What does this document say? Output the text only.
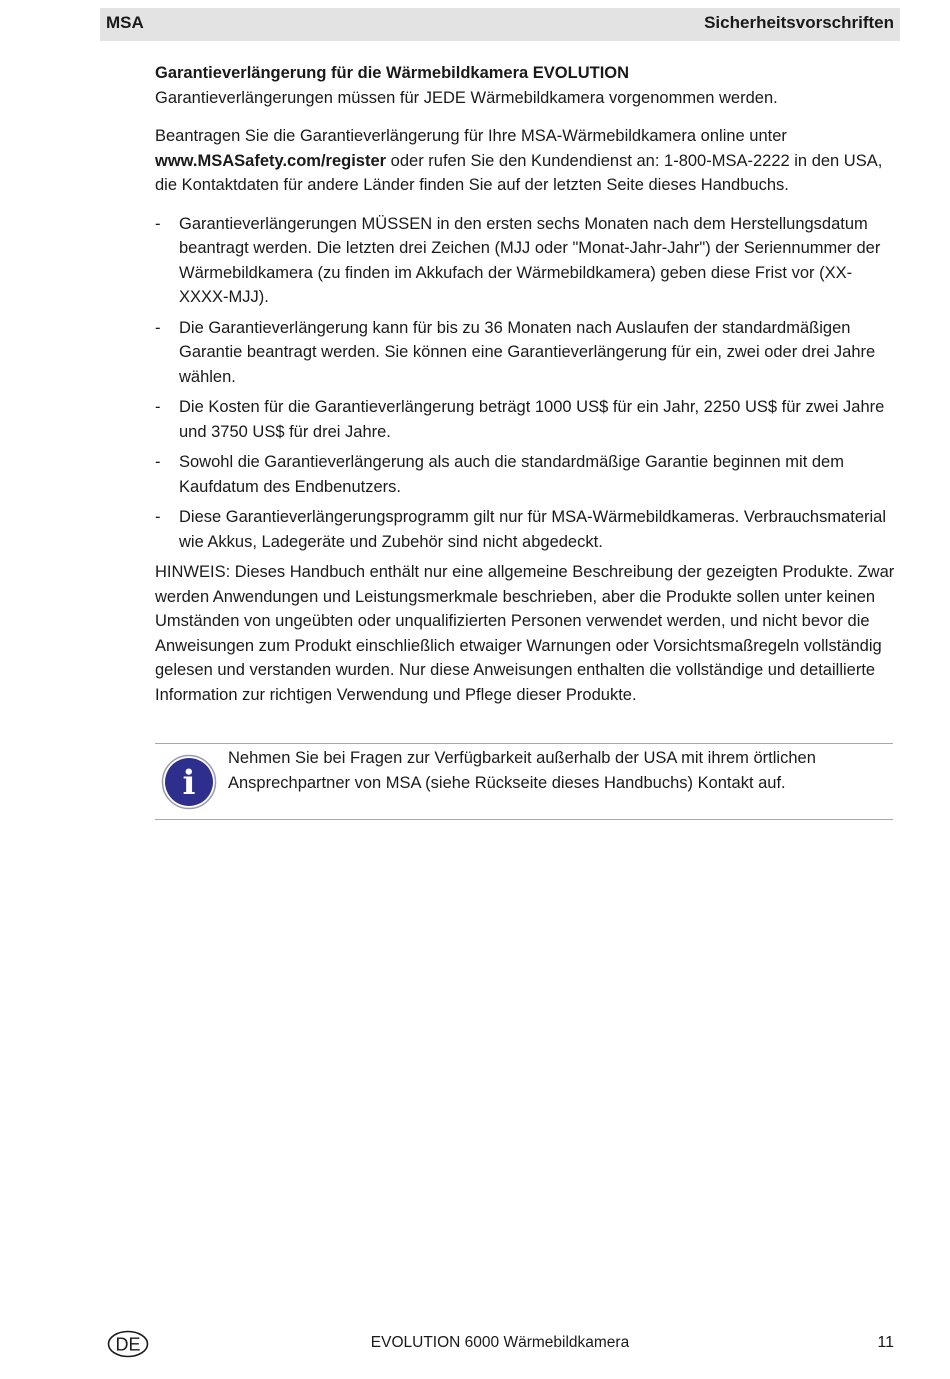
MSA	Sicherheitsvorschriften

Garantieverlängerung für die Wärmebildkamera EVOLUTION

Garantieverlängerungen müssen für JEDE Wärmebildkamera vorgenommen werden.

Beantragen Sie die Garantieverlängerung für Ihre MSA-Wärmebildkamera online unter www.MSASafety.com/register oder rufen Sie den Kundendienst an: 1-800-MSA-2222 in den USA, die Kontaktdaten für andere Länder finden Sie auf der letzten Seite dieses Handbuchs.

- Garantieverlängerungen MÜSSEN in den ersten sechs Monaten nach dem Herstellungsdatum beantragt werden. Die letzten drei Zeichen (MJJ oder "Monat-Jahr-Jahr") der Seriennummer der Wärmebildkamera (zu finden im Akkufach der Wärmebildkamera) geben diese Frist vor (XX-XXXX-MJJ).
- Die Garantieverlängerung kann für bis zu 36 Monaten nach Auslaufen der standardmäßigen Garantie beantragt werden. Sie können eine Garantieverlängerung für ein, zwei oder drei Jahre wählen.
- Die Kosten für die Garantieverlängerung beträgt 1000 US$ für ein Jahr, 2250 US$ für zwei Jahre und 3750 US$ für drei Jahre.
- Sowohl die Garantieverlängerung als auch die standardmäßige Garantie beginnen mit dem Kaufdatum des Endbenutzers.
- Diese Garantieverlängerungsprogramm gilt nur für MSA-Wärmebildkameras. Verbrauchsmaterial wie Akkus, Ladegeräte und Zubehör sind nicht abgedeckt.

HINWEIS: Dieses Handbuch enthält nur eine allgemeine Beschreibung der gezeigten Produkte. Zwar werden Anwendungen und Leistungsmerkmale beschrieben, aber die Produkte sollen unter keinen Umständen von ungeübten oder unqualifizierten Personen verwendet werden, und nicht bevor die Anweisungen zum Produkt einschließlich etwaiger Warnungen oder Vorsichtsmaßregeln vollständig gelesen und verstanden wurden. Nur diese Anweisungen enthalten die vollständige und detaillierte Information zur richtigen Verwendung und Pflege dieser Produkte.

i
Nehmen Sie bei Fragen zur Verfügbarkeit außerhalb der USA mit ihrem örtlichen Ansprechpartner von MSA (siehe Rückseite dieses Handbuchs) Kontakt auf.
DE	EVOLUTION 6000 Wärmebildkamera	11
